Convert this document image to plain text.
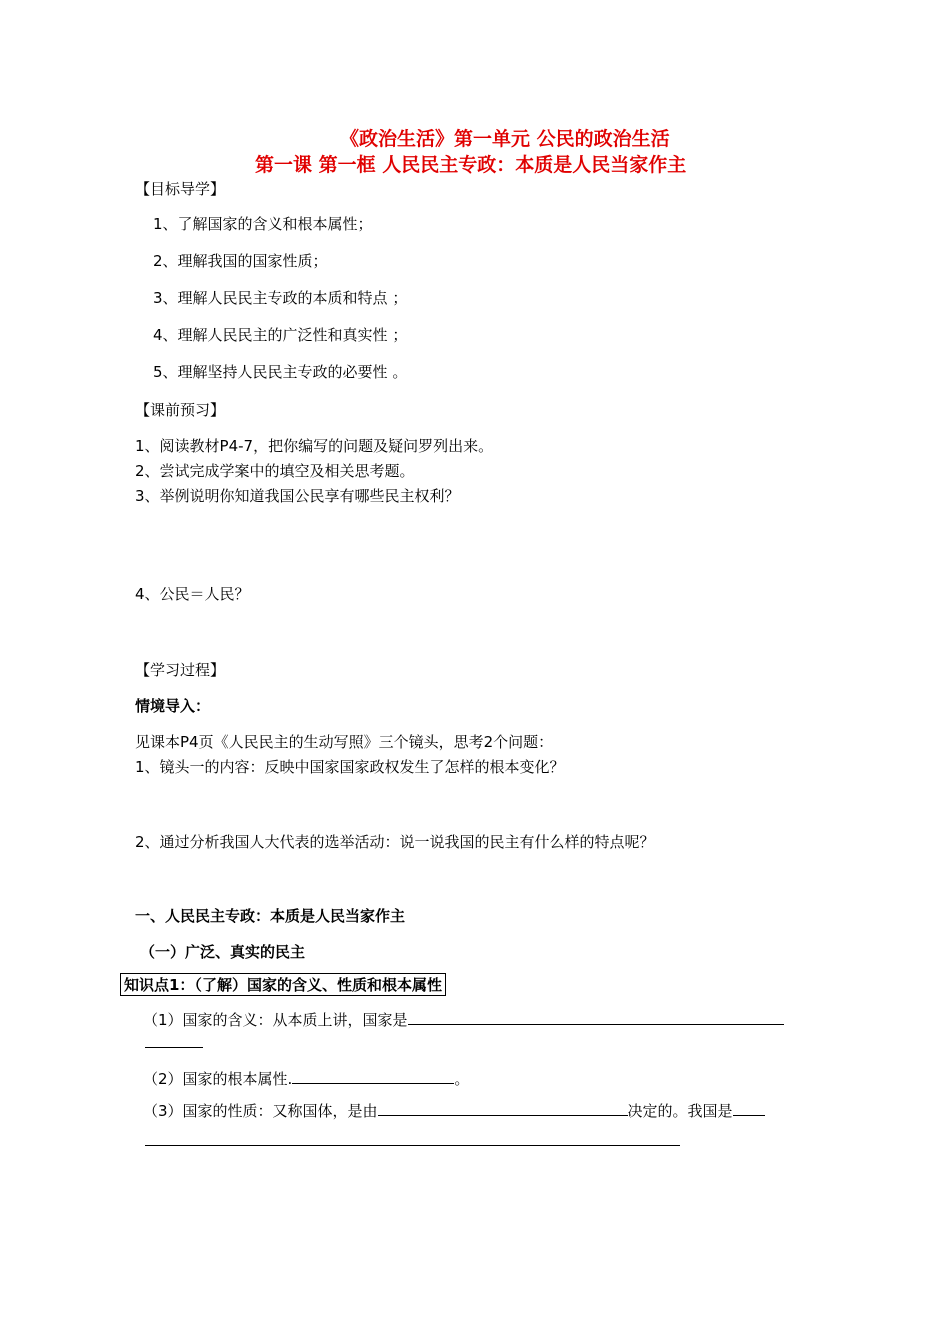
《政治生活》第一单元 公民的政治生活
第一课 第一框 人民民主专政：本质是人民当家作主
【目标导学】
1、了解国家的含义和根本属性；
2、理解我国的国家性质；
3、理解人民民主专政的本质和特点 ；
4、理解人民民主的广泛性和真实性 ；
5、理解坚持人民民主专政的必要性 。
【课前预习】
1、阅读教材P4-7，把你编写的问题及疑问罗列出来。
2、尝试完成学案中的填空及相关思考题。
3、举例说明你知道我国公民享有哪些民主权利？
4、公民＝人民？
【学习过程】
情境导入：
见课本P4页《人民民主的生动写照》三个镜头，思考2个问题：
1、镜头一的内容：反映中国家国家政权发生了怎样的根本变化？
2、通过分析我国人大代表的选举活动：说一说我国的民主有什么样的特点呢？
一、人民民主专政：本质是人民当家作主
（一）广泛、真实的民主
知识点1：（了解）国家的含义、性质和根本属性
（1）国家的含义：从本质上讲，国家是
（2）国家的根本属性.	。
（3）国家的性质：又称国体，是由	决定的。我国是
